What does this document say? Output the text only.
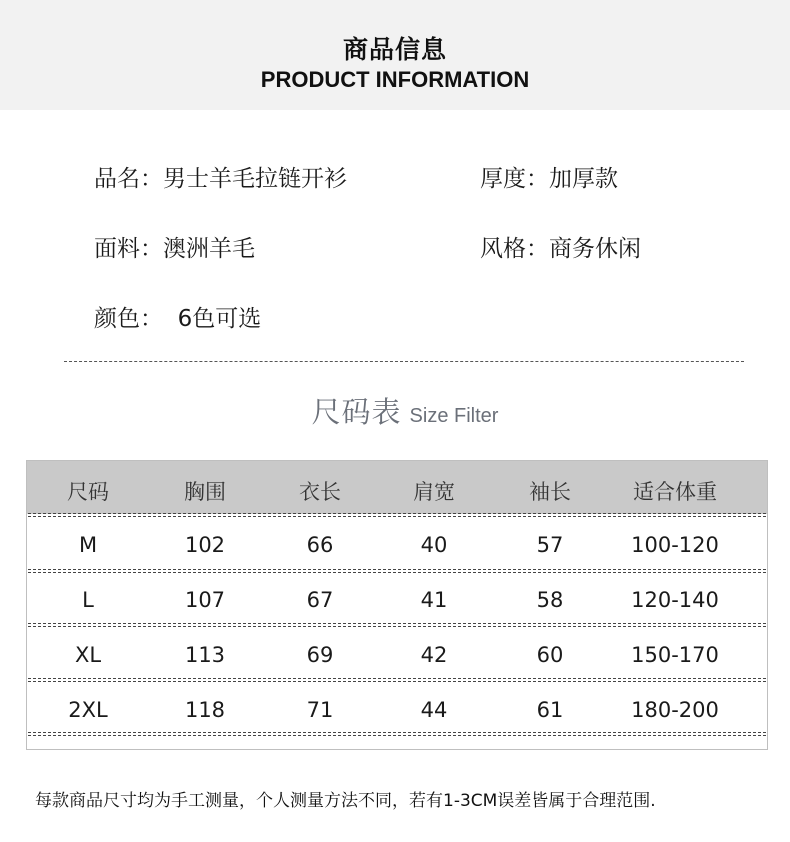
商品信息
PRODUCT INFORMATION
品名：男士羊毛拉链开衫	厚度：加厚款
面料：澳洲羊毛	风格：商务休闲
颜色：  6色可选
尺码表 Size Filter
尺码	胸围	衣长	肩宽	袖长	适合体重
M	102	66	40	57	100-120
L	107	67	41	58	120-140
XL	113	69	42	60	150-170
2XL	118	71	44	61	180-200
每款商品尺寸均为手工测量，个人测量方法不同，若有1-3CM误差皆属于合理范围.
